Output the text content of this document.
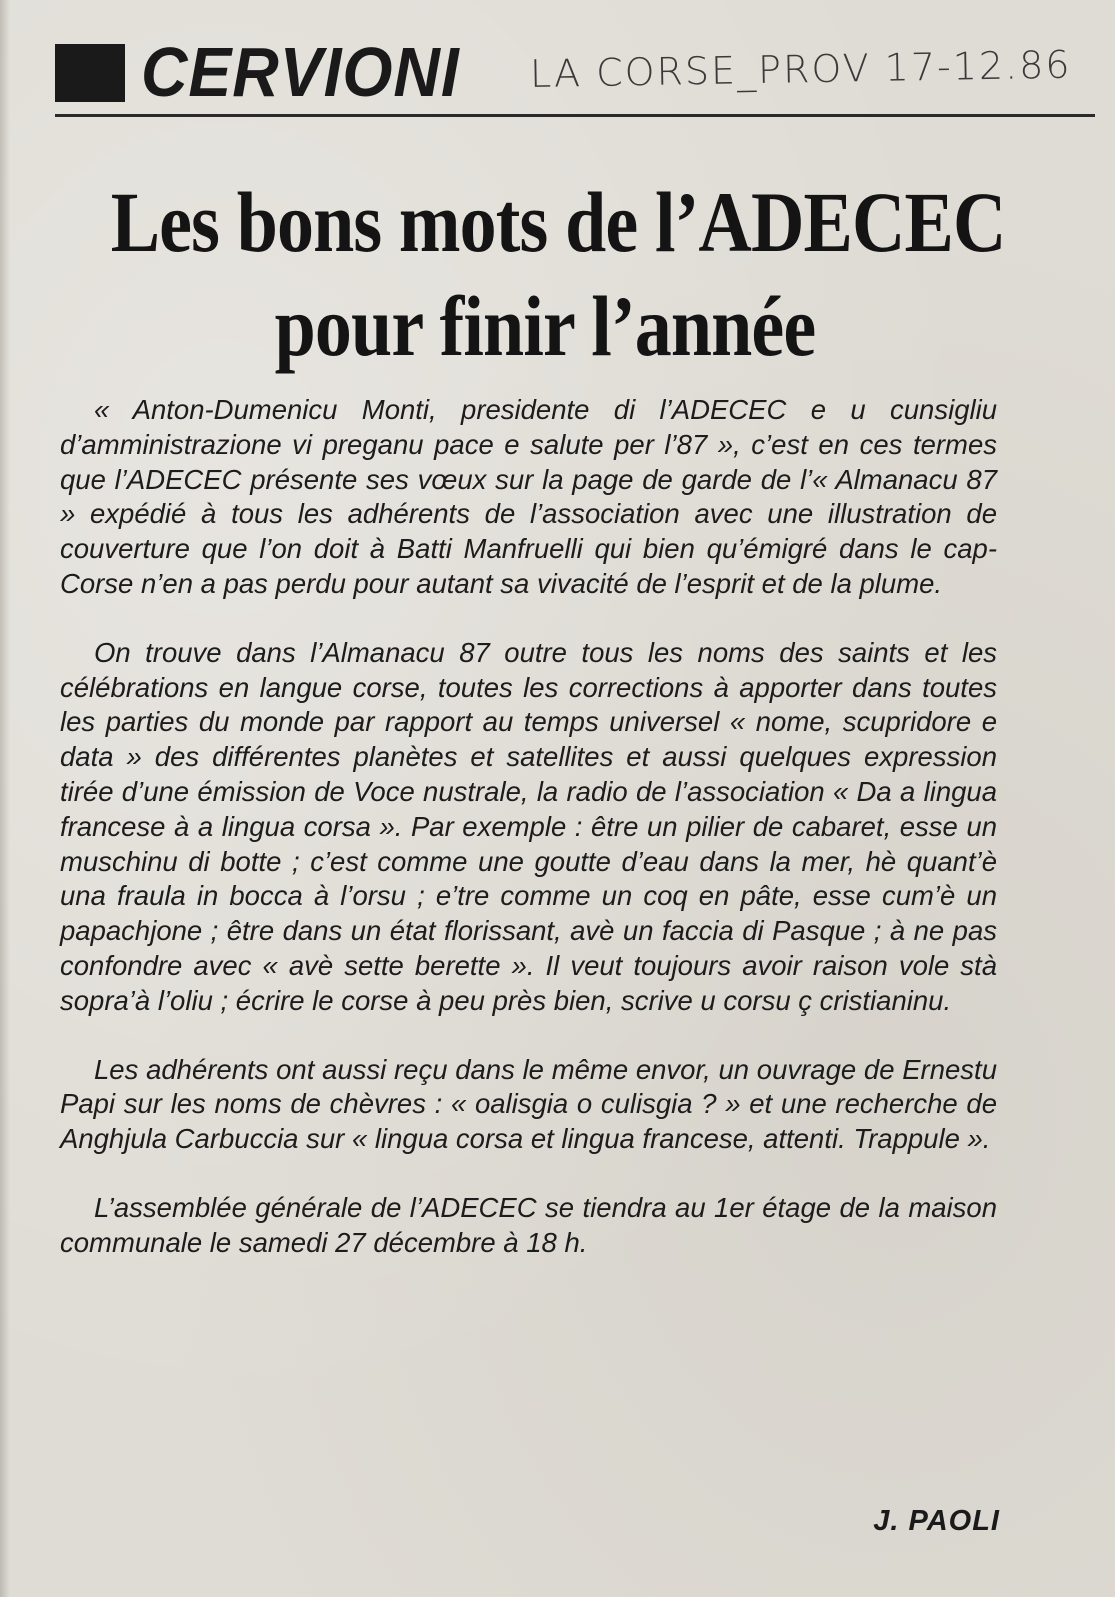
CERVIONI LA CORSE_PROV 17-12.86
Les bons mots de l’ADECEC
pour finir l’année

« Anton-Dumenicu Monti, presidente di l’ADECEC e u cunsigliu d’amministrazione vi preganu pace e salute per l’87 », c’est en ces termes que l’ADECEC présente ses vœux sur la page de garde de l’« Almanacu 87 » expédié à tous les adhérents de l’association avec une illustration de couverture que l’on doit à Batti Manfruelli qui bien qu’émigré dans le cap-Corse n’en a pas perdu pour autant sa vivacité de l’esprit et de la plume.

On trouve dans l’Almanacu 87 outre tous les noms des saints et les célébrations en langue corse, toutes les corrections à apporter dans toutes les parties du monde par rapport au temps universel « nome, scupridore e data » des différentes planètes et satellites et aussi quelques expression tirée d’une émission de Voce nustrale, la radio de l’association « Da a lingua francese à a lingua corsa ». Par exemple : être un pilier de cabaret, esse un muschinu di botte ; c’est comme une goutte d’eau dans la mer, hè quant’è una fraula in bocca à l’orsu ; e’tre comme un coq en pâte, esse cum’è un papachjone ; être dans un état florissant, avè un faccia di Pasque ; à ne pas confondre avec « avè sette berette ». Il veut toujours avoir raison vole stà sopra’à l’oliu ; écrire le corse à peu près bien, scrive u corsu ç cristianinu.

Les adhérents ont aussi reçu dans le même envor, un ouvrage de Ernestu Papi sur les noms de chèvres : « oalisgia o culisgia ? » et une recherche de Anghjula Carbuccia sur « lingua corsa et lingua francese, attenti. Trappule ».

L’assemblée générale de l’ADECEC se tiendra au 1er étage de la maison communale le samedi 27 décembre à 18 h.

J. PAOLI
